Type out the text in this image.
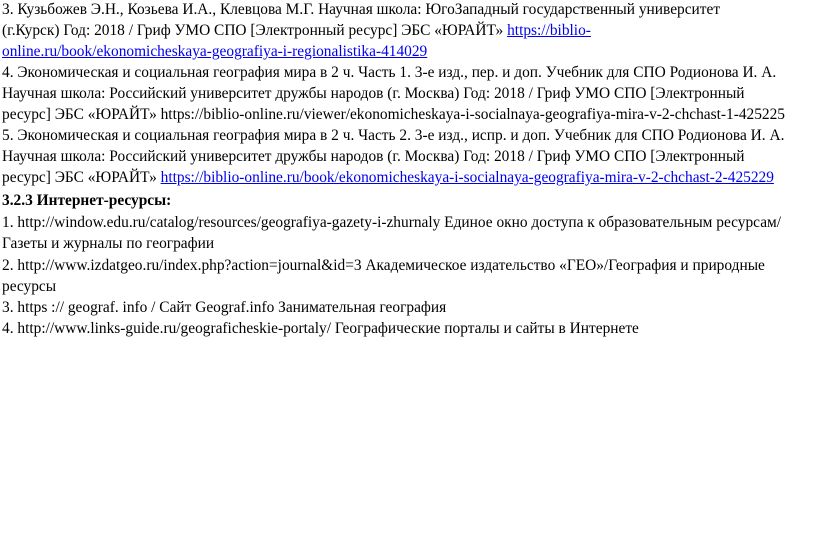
3. Кузьбожев Э.Н., Козьева И.А., Клевцова М.Г. Научная школа: ЮгоЗападный государственный университет
(г.Курск) Год: 2018 / Гриф УМО СПО [Электронный ресурс] ЭБС «ЮРАЙТ» https://biblio-
online.ru/book/ekonomicheskaya-geografiya-i-regionalistika-414029
4. Экономическая и социальная география мира в 2 ч. Часть 1. 3-е изд., пер. и доп. Учебник для СПО Родионова И. А.
Научная школа: Российский университет дружбы народов (г. Москва) Год: 2018 / Гриф УМО СПО [Электронный
ресурс] ЭБС «ЮРАЙТ» https://biblio-online.ru/viewer/ekonomicheskaya-i-socialnaya-geografiya-mira-v-2-chchast-1-425225
5. Экономическая и социальная география мира в 2 ч. Часть 2. 3-е изд., испр. и доп. Учебник для СПО Родионова И. А.
Научная школа: Российский университет дружбы народов (г. Москва) Год: 2018 / Гриф УМО СПО [Электронный
ресурс] ЭБС «ЮРАЙТ» https://biblio-online.ru/book/ekonomicheskaya-i-socialnaya-geografiya-mira-v-2-chchast-2-425229
3.2.3 Интернет-ресурсы:
1. http://window.edu.ru/catalog/resources/geografiya-gazety-i-zhurnaly Единое окно доступа к образовательным ресурсам/
Газеты и журналы по географии
2. http://www.izdatgeo.ru/index.php?action=journal&id=3 Академическое издательство «ГЕО»/География и природные
ресурсы
3. https :// geograf. info / Сайт Geograf.info Занимательная география
4. http://www.links-guide.ru/geograficheskie-portaly/ Географические порталы и сайты в Интернете
